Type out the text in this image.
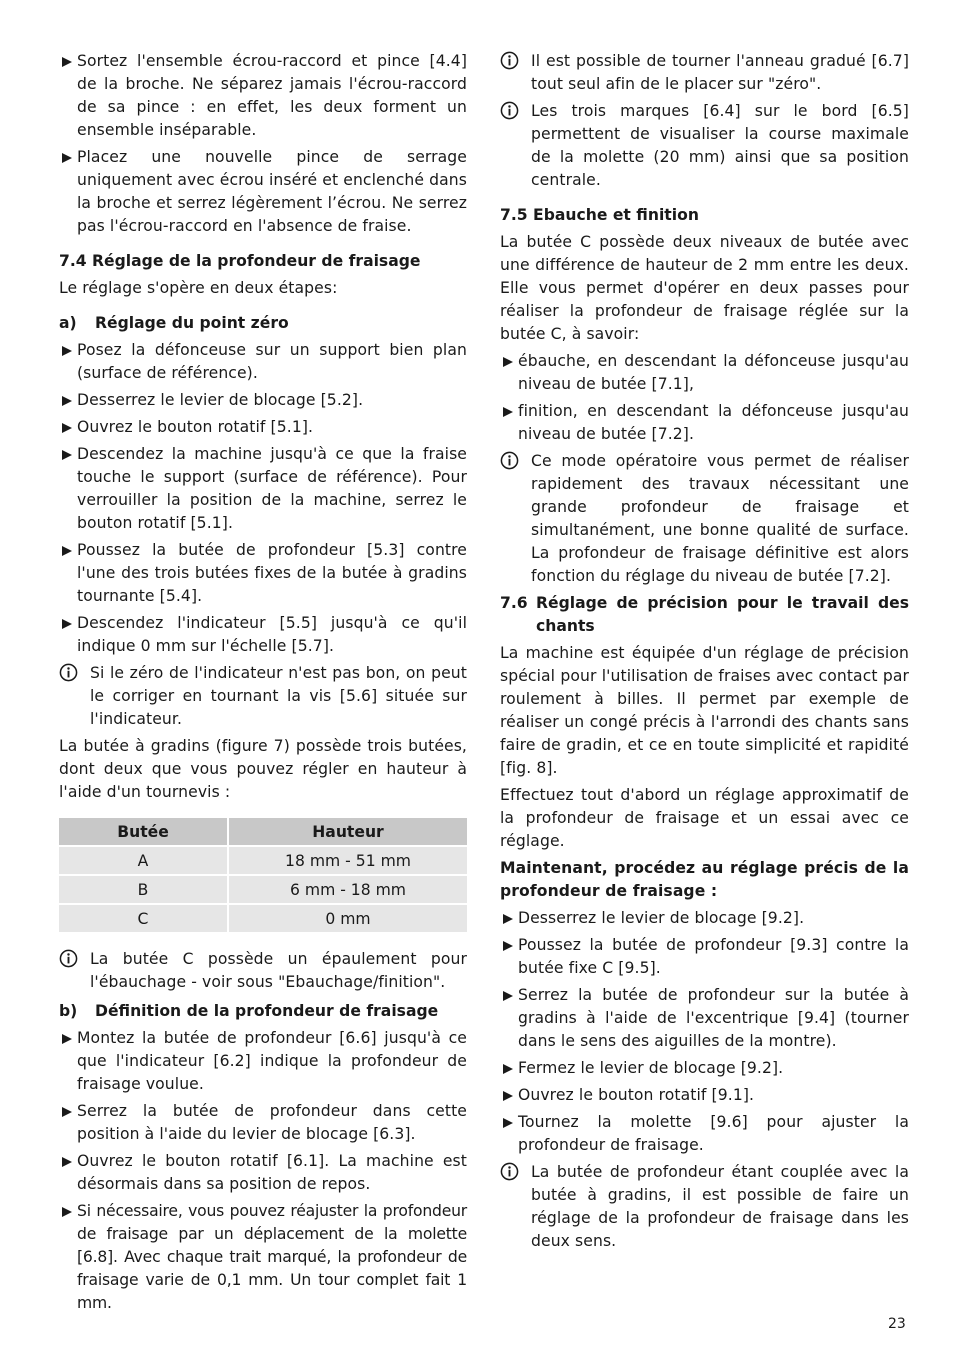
Sortez l'ensemble écrou-raccord et pince [4.4] de la broche. Ne séparez jamais l'écrou-raccord de sa pince : en effet, les deux forment un ensemble inséparable.
Placez une nouvelle pince de serrage uniquement avec écrou inséré et enclenché dans la broche et serrez légèrement l’écrou. Ne serrez pas l'écrou-raccord en l'absence de fraise.
7.4 Réglage de la profondeur de fraisage

Le réglage s'opère en deux étapes:

a)	Réglage du point zéro
Posez la défonceuse sur un support bien plan (surface de référence).
Desserrez le levier de blocage [5.2].
Ouvrez le bouton rotatif [5.1].
Descendez la machine jusqu'à ce que la fraise touche le support (surface de référence). Pour verrouiller la position de la machine, serrez le bouton rotatif [5.1].
Poussez la butée de profondeur [5.3] contre l'une des trois butées fixes de la butée à gradins tournante [5.4].
Descendez l'indicateur [5.5] jusqu'à ce qu'il indique 0 mm sur l'échelle [5.7].
Si le zéro de l'indicateur n'est pas bon, on peut le corriger en tournant la vis [5.6] située sur l'indicateur.

La butée à gradins (figure 7) possède trois butées, dont deux que vous pouvez régler en hauteur à l'aide d'un tournevis :

Butée	Hauteur
A	18 mm - 51 mm
B	6 mm - 18 mm
C	0 mm
La butée C possède un épaulement pour l'ébauchage - voir sous "Ebauchage/finition".
b)	Définition de la profondeur de fraisage
Montez la butée de profondeur [6.6] jusqu'à ce que l'indicateur [6.2] indique la profondeur de fraisage voulue.
Serrez la butée de profondeur dans cette position à l'aide du levier de blocage [6.3].
Ouvrez le bouton rotatif [6.1]. La machine est désormais dans sa position de repos.
Si nécessaire, vous pouvez réajuster la profondeur de fraisage par un déplacement de la molette [6.8]. Avec chaque trait marqué, la profondeur de fraisage varie de 0,1 mm. Un tour complet fait 1 mm.
Il est possible de tourner l'anneau gradué [6.7] tout seul afin de le placer sur "zéro".
Les trois marques [6.4] sur le bord [6.5] permettent de visualiser la course maximale de la molette (20 mm) ainsi que sa position centrale.
7.5 Ebauche et finition

La butée C possède deux niveaux de butée avec une différence de hauteur de 2 mm entre les deux. Elle vous permet d'opérer en deux passes pour réaliser la profondeur de fraisage réglée sur la butée C, à savoir:

ébauche, en descendant la défonceuse jusqu'au niveau de butée [7.1],
finition, en descendant la défonceuse jusqu'au niveau de butée [7.2].
Ce mode opératoire vous permet de réaliser rapidement des travaux nécessitant une grande profondeur de fraisage et simultanément, une bonne qualité de surface. La profondeur de fraisage définitive est alors fonction du réglage du niveau de butée [7.2].
7.6 Réglage de précision pour le travail des chants

La machine est équipée d'un réglage de précision spécial pour l'utilisation de fraises avec contact par roulement à billes. Il permet par exemple de réaliser un congé précis à l'arrondi des chants sans faire de gradin, et ce en toute simplicité et rapidité [fig. 8].

Effectuez tout d'abord un réglage approximatif de la profondeur de fraisage et un essai avec ce réglage.

Maintenant, procédez au réglage précis de la profondeur de fraisage :

Desserrez le levier de blocage [9.2].
Poussez la butée de profondeur [9.3] contre la butée fixe C [9.5].
Serrez la butée de profondeur sur la butée à gradins à l'aide de l'excentrique [9.4] (tourner dans le sens des aiguilles de la montre).
Fermez le levier de blocage [9.2].
Ouvrez le bouton rotatif [9.1].
Tournez la molette [9.6] pour ajuster la profondeur de fraisage.
La butée de profondeur étant couplée avec la butée à gradins, il est possible de faire un réglage de la profondeur de fraisage dans les deux sens.
23
